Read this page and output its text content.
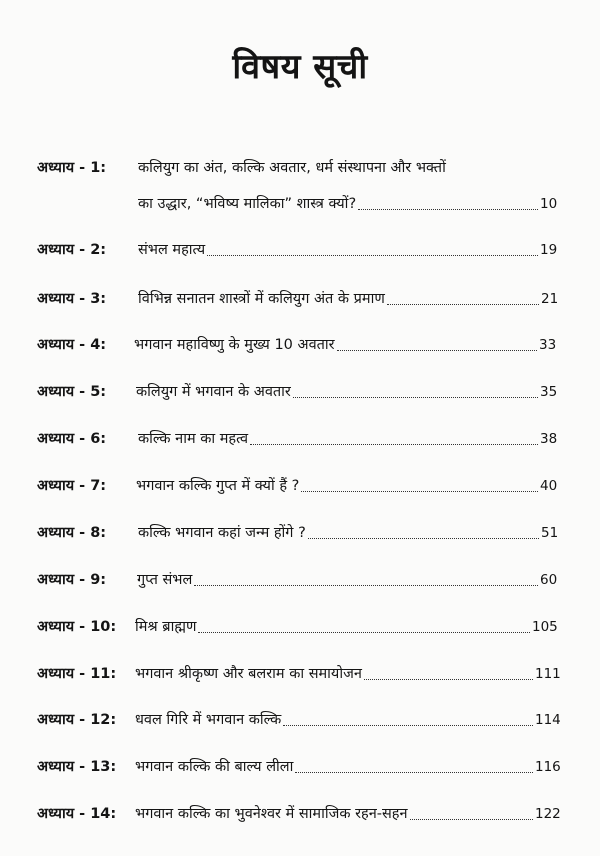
विषय सूची
अध्याय - 1: कलियुग का अंत, कल्कि अवतार, धर्म संस्थापना और भक्तों
का उद्धार, “भविष्य मालिका” शास्त्र क्यों?	10
अध्याय - 2: संभल महात्य	19
अध्याय - 3: विभिन्न सनातन शास्त्रों में कलियुग अंत के प्रमाण	21
अध्याय - 4: भगवान महाविष्णु के मुख्य 10 अवतार	33
अध्याय - 5: कलियुग में भगवान के अवतार	35
अध्याय - 6: कल्कि नाम का महत्व	38
अध्याय - 7: भगवान कल्कि गुप्त में क्यों हैं ?	40
अध्याय - 8: कल्कि भगवान कहां जन्म होंगे ?	51
अध्याय - 9: गुप्त संभल	60
अध्याय - 10: मिश्र ब्राह्मण	105
अध्याय - 11: भगवान श्रीकृष्ण और बलराम का समायोजन	111
अध्याय - 12: धवल गिरि में भगवान कल्कि	114
अध्याय - 13: भगवान कल्कि की बाल्य लीला	116
अध्याय - 14: भगवान कल्कि का भुवनेश्वर में सामाजिक रहन-सहन	122
